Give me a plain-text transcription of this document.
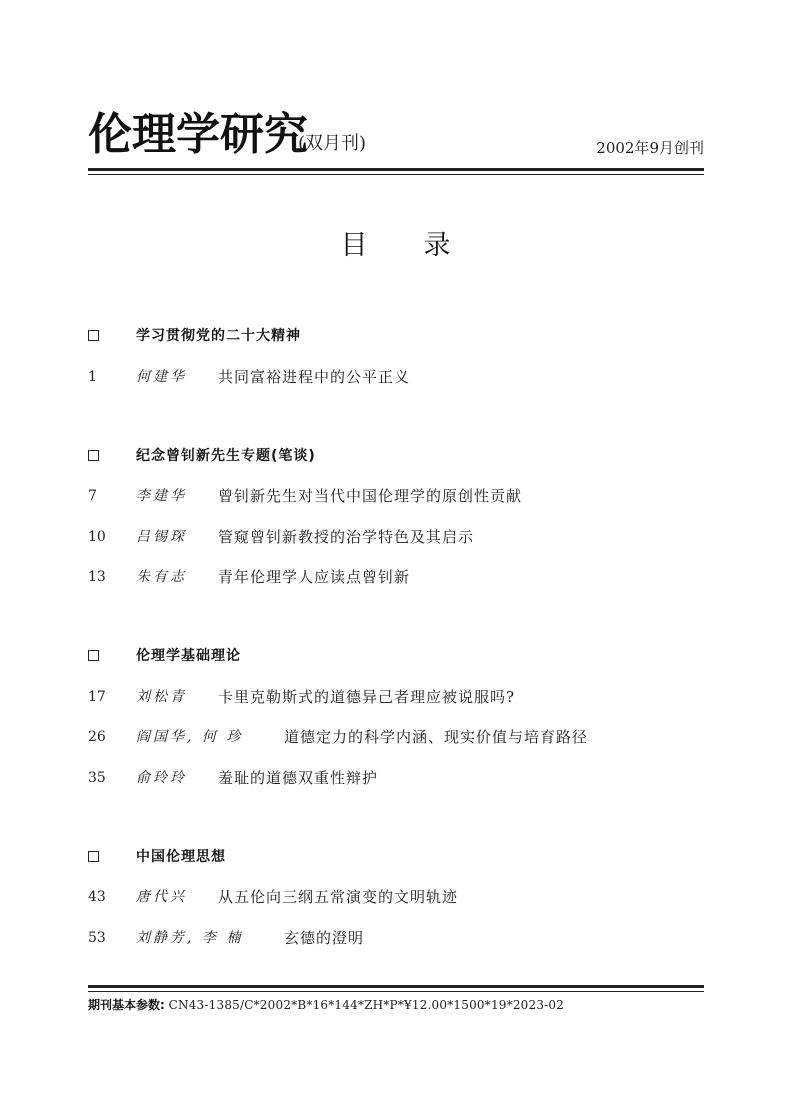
伦理学研究
(双月刊)	2002年9月创刊
目录
学习贯彻党的二十大精神
1	何建华 共同富裕进程中的公平正义
纪念曾钊新先生专题(笔谈)
7	李建华 曾钊新先生对当代中国伦理学的原创性贡献
10 吕锡琛 管窥曾钊新教授的治学特色及其启示
13 朱有志 青年伦理学人应读点曾钊新
伦理学基础理论
17 刘松青 卡里克勒斯式的道德异己者理应被说服吗?
26 阎国华, 何 珍	道德定力的科学内涵、现实价值与培育路径
35 俞玲玲 羞耻的道德双重性辩护
中国伦理思想
43 唐代兴 从五伦向三纲五常演变的文明轨迹
53 刘静芳, 李 楠	玄德的澄明
期刊基本参数: CN43-1385/C*2002*B*16*144*ZH*P*¥12.00*1500*19*2023-02
